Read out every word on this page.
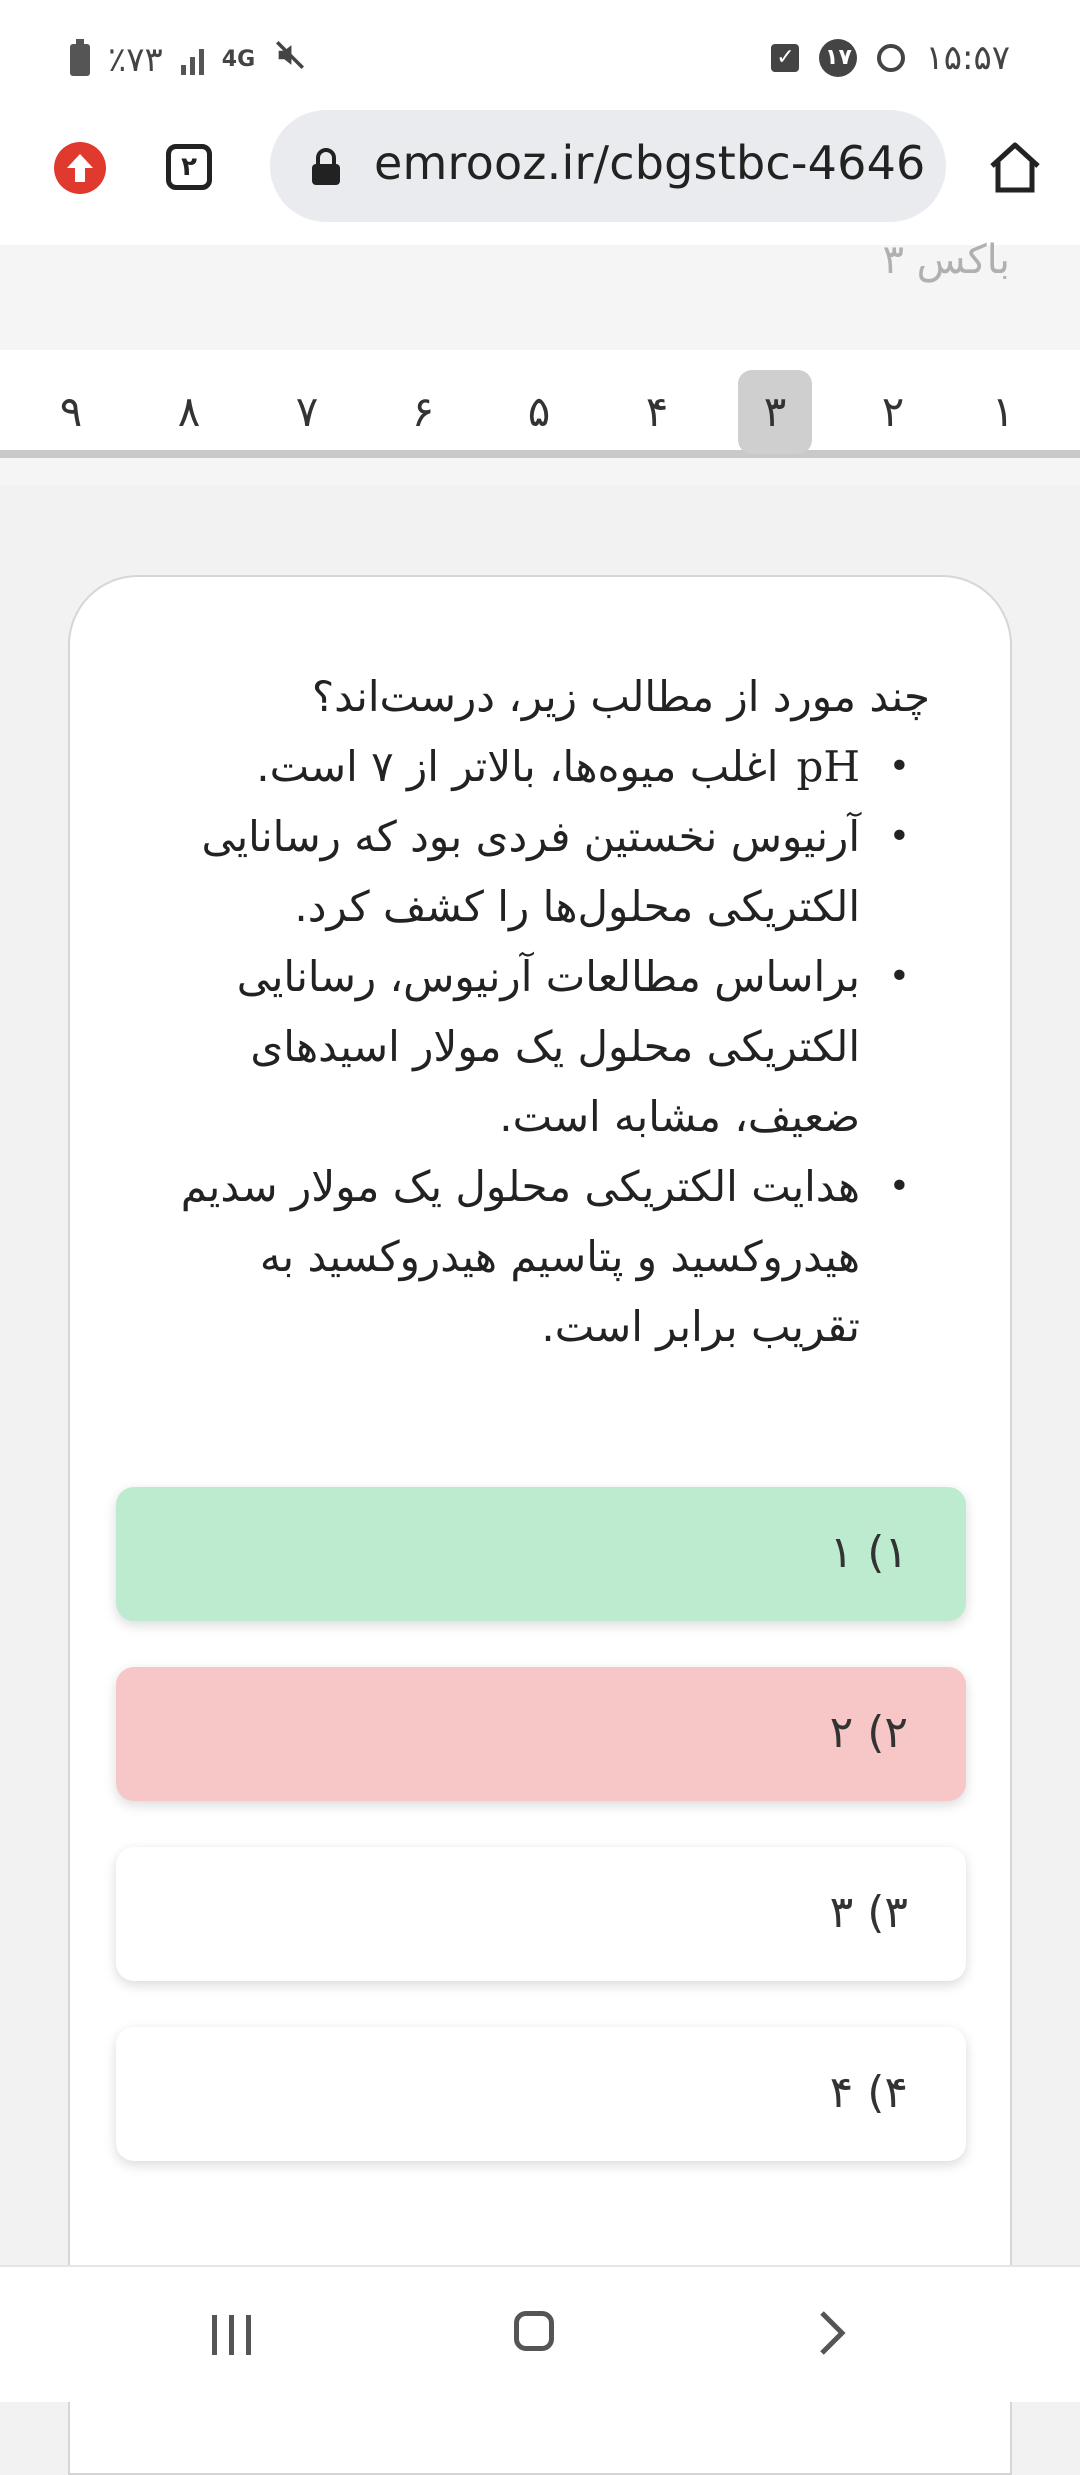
٪۷۳	4G	✓ ۱۷ ۱۵:۵۷
۲	emrooz.ir/cbgstbc-4646
باکس ۳
۹	۸	۷	۶	۵	۴	۳	۲	۱
چند مورد از مطالب زیر، درست‌اند؟
• pHاغلب میوه‌ها، بالاتر از ۷ است.
• آرنیوس نخستین فردی بود که رسانایی الکتریکی محلول‌ها را کشف کرد.
• براساس مطالعات آرنیوس، رسانایی الکتریکی محلول یک مولار اسیدهای ضعیف، مشابه است.
• هدایت الکتریکی محلول یک مولار سدیم هیدروکسید و پتاسیم هیدروکسید به تقریب برابر است.
۱) ۱
۲) ۲
۳) ۳
۴) ۴
